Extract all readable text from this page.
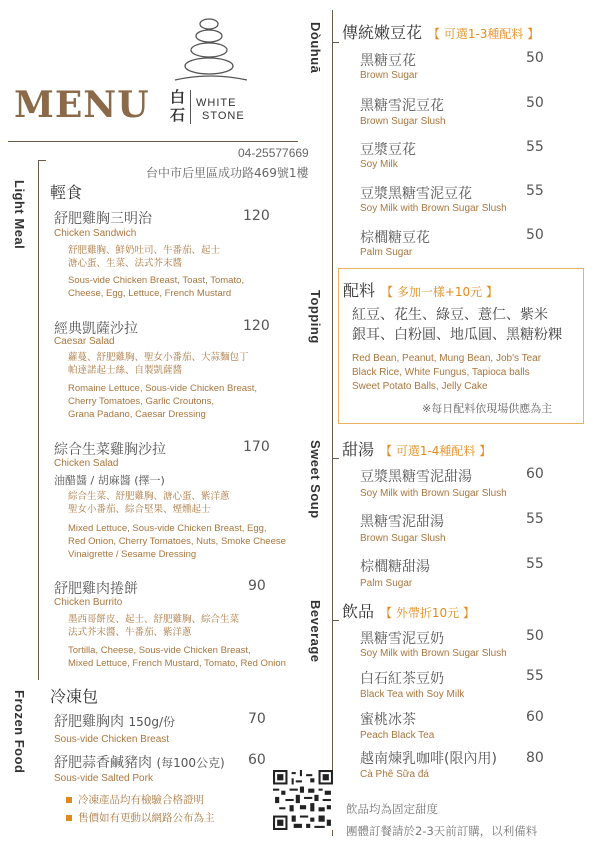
MENU 白石
WHITE
STONE
04-25577669
台中市后里區成功路469號1樓
Dòuhuā
Light Meal
Topping
Sweet Soup
Beverage
Frozen Food
輕食
舒肥雞胸三明治	120
Chicken Sandwich
舒肥雞胸、鮮奶吐司、牛番茄、起士
溏心蛋、生菜、法式芥末醬
Sous-vide Chicken Breast, Toast, Tomato,
Cheese, Egg, Lettuce, French Mustard
經典凱薩沙拉	120
Caesar Salad
蘿蔓、舒肥雞胸、聖女小番茄、大蒜麵包丁
帕達諾起士絲、自製凱薩醬
Romaine Lettuce, Sous-vide Chicken Breast,
Cherry Tomatoes, Garlic Croutons,
Grana Padano, Caesar Dressing
綜合生菜雞胸沙拉	170
Chicken Salad
油醋醬 / 胡麻醬 (擇一)
綜合生菜、舒肥雞胸、溏心蛋、紫洋蔥
聖女小番茄、綜合堅果、煙燻起士
Mixed Lettuce, Sous-vide Chicken Breast, Egg,
Red Onion, Cherry Tomatoes, Nuts, Smoke Cheese
Vinaigrette / Sesame Dressing
舒肥雞肉捲餅	90
Chicken Burrito
墨西哥餅皮、起士、舒肥雞胸、綜合生菜
法式芥末醬、牛番茄、紫洋蔥
Tortilla, Cheese, Sous-vide Chicken Breast,
Mixed Lettuce, French Mustard, Tomato, Red Onion
冷凍包
舒肥雞胸肉 150g/份	70
Sous-vide Chicken Breast
舒肥蒜香鹹豬肉 (每100公克) 60
Sous-vide Salted Pork
冷凍產品均有檢驗合格證明
售價如有更動以網路公布為主
傳統嫩豆花 【 可選1-3種配料 】
黑糖豆花	50
Brown Sugar
黑糖雪泥豆花	50
Brown Sugar Slush
豆漿豆花	55
Soy Milk
豆漿黑糖雪泥豆花	55
Soy Milk with Brown Sugar Slush
棕櫚糖豆花	50
Palm Sugar
配料 【 多加一樣+10元 】
紅豆、花生、綠豆、薏仁、紫米
銀耳、白粉圓、地瓜圓、黑糖粉粿
Red Bean, Peanut, Mung Bean, Job's Tear
Black Rice, White Fungus, Tapioca balls
Sweet Potato Balls, Jelly Cake
※每日配料依現場供應為主
甜湯 【 可選1-4種配料 】
豆漿黑糖雪泥甜湯	60
Soy Milk with Brown Sugar Slush
黑糖雪泥甜湯	55
Brown Sugar Slush
棕櫚糖甜湯	55
Palm Sugar
飲品 【 外帶折10元 】
黑糖雪泥豆奶	50
Soy Milk with Brown Sugar Slush
白石紅茶豆奶	55
Black Tea with Soy Milk
蜜桃冰茶	60
Peach Black Tea
越南煉乳咖啡(限內用) 80
Cà Phê Sữa đá
飲品均為固定甜度
團體訂餐請於2-3天前訂購，以利備料
